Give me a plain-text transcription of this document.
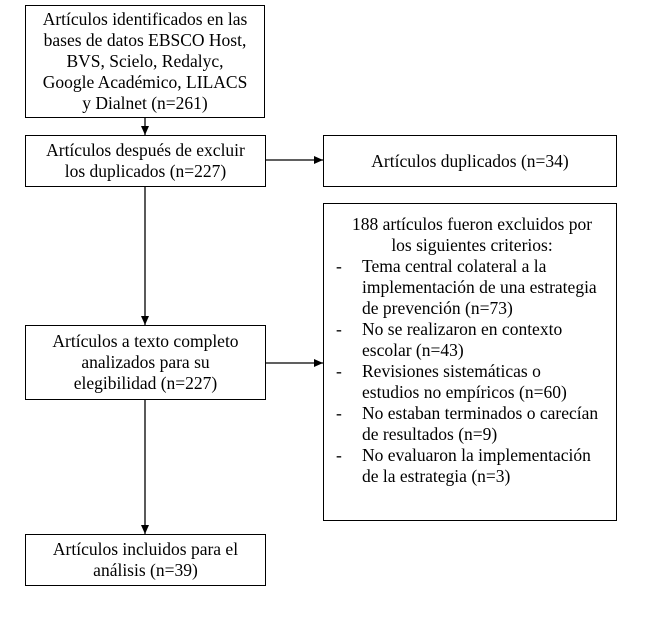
Artículos identificados en las
bases de datos EBSCO Host,
BVS, Scielo, Redalyc,
Google Académico, LILACS
y Dialnet (n=261)
Artículos después de excluir
los duplicados (n=227)	Artículos duplicados (n=34)
Artículos a texto completo
analizados para su
elegibilidad (n=227)
188 artículos fueron excluidos por
los siguientes criterios:
-	Tema central colateral a la
implementación de una estrategia
de prevención (n=73)
-	No se realizaron en contexto
escolar (n=43)
-	Revisiones sistemáticas o
estudios no empíricos (n=60)
-	No estaban terminados o carecían
de resultados (n=9)
-	No evaluaron la implementación
de la estrategia (n=3)
Artículos incluidos para el
análisis (n=39)
